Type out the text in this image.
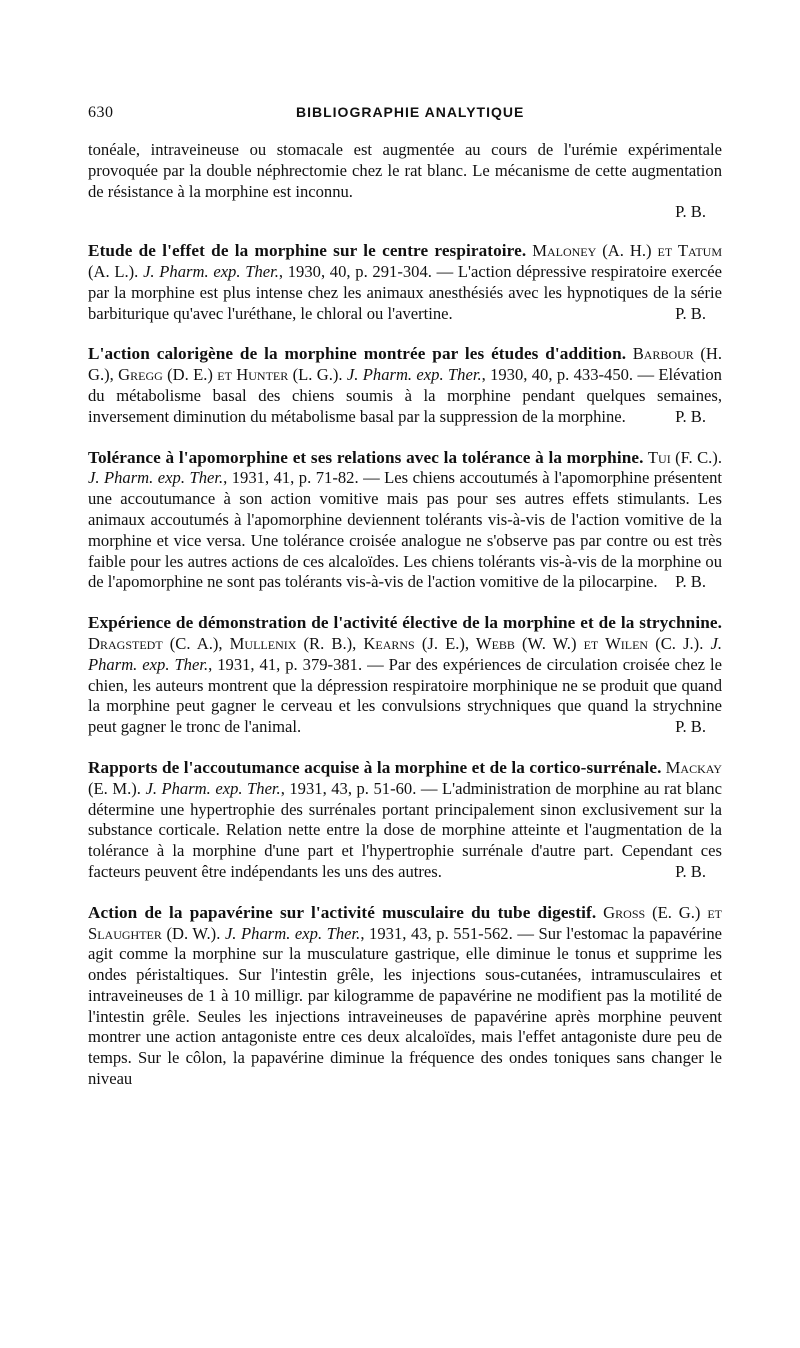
630	BIBLIOGRAPHIE ANALYTIQUE

tonéale, intraveineuse ou stomacale est augmentée au cours de l'urémie expérimentale provoquée par la double néphrectomie chez le rat blanc. Le mécanisme de cette augmentation de résistance à la morphine est inconnu.
P. B.

Etude de l'effet de la morphine sur le centre respiratoire. Maloney (A. H.) et Tatum (A. L.). J. Pharm. exp. Ther., 1930, 40, p. 291-304. — L'action dépressive respiratoire exercée par la morphine est plus intense chez les animaux anesthésiés avec les hypnotiques de la série barbiturique qu'avec l'uréthane, le chloral ou l'avertine.	P. B.

L'action calorigène de la morphine montrée par les études d'addition. Barbour (H. G.), Gregg (D. E.) et Hunter (L. G.). J. Pharm. exp. Ther., 1930, 40, p. 433-450. — Elévation du métabolisme basal des chiens soumis à la morphine pendant quelques semaines, inversement diminution du métabolisme basal par la suppression de la morphine.	P. B.

Tolérance à l'apomorphine et ses relations avec la tolérance à la morphine. Tui (F. C.). J. Pharm. exp. Ther., 1931, 41, p. 71-82. — Les chiens accoutumés à l'apomorphine présentent une accoutumance à son action vomitive mais pas pour ses autres effets stimulants. Les animaux accoutumés à l'apomorphine deviennent tolérants vis-à-vis de l'action vomitive de la morphine et vice versa. Une tolérance croisée analogue ne s'observe pas par contre ou est très faible pour les autres actions de ces alcaloïdes. Les chiens tolérants vis-à-vis de la morphine ou de l'apomorphine ne sont pas tolérants vis-à-vis de l'action vomitive de la pilocarpine. P. B.

Expérience de démonstration de l'activité élective de la morphine et de la strychnine. Dragstedt (C. A.), Mullenix (R. B.), Kearns (J. E.), Webb (W. W.) et Wilen (C. J.). J. Pharm. exp. Ther., 1931, 41, p. 379-381. — Par des expériences de circulation croisée chez le chien, les auteurs montrent que la dépression respiratoire morphinique ne se produit que quand la morphine peut gagner le cerveau et les convulsions strychniques que quand la strychnine peut gagner le tronc de l'animal.	P. B.

Rapports de l'accoutumance acquise à la morphine et de la cortico-surrénale. Mackay (E. M.). J. Pharm. exp. Ther., 1931, 43, p. 51-60. — L'administration de morphine au rat blanc détermine une hypertrophie des surrénales portant principalement sinon exclusivement sur la substance corticale. Relation nette entre la dose de morphine atteinte et l'augmentation de la tolérance à la morphine d'une part et l'hypertrophie surrénale d'autre part. Cependant ces facteurs peuvent être indépendants les uns des autres.	P. B.

Action de la papavérine sur l'activité musculaire du tube digestif. Gross (E. G.) et Slaughter (D. W.). J. Pharm. exp. Ther., 1931, 43, p. 551-562. — Sur l'estomac la papavérine agit comme la morphine sur la musculature gastrique, elle diminue le tonus et supprime les ondes péristaltiques. Sur l'intestin grêle, les injections sous-cutanées, intramusculaires et intraveineuses de 1 à 10 milligr. par kilogramme de papavérine ne modifient pas la motilité de l'intestin grêle. Seules les injections intraveineuses de papavérine après morphine peuvent montrer une action antagoniste entre ces deux alcaloïdes, mais l'effet antagoniste dure peu de temps. Sur le côlon, la papavérine diminue la fréquence des ondes toniques sans changer le niveau
